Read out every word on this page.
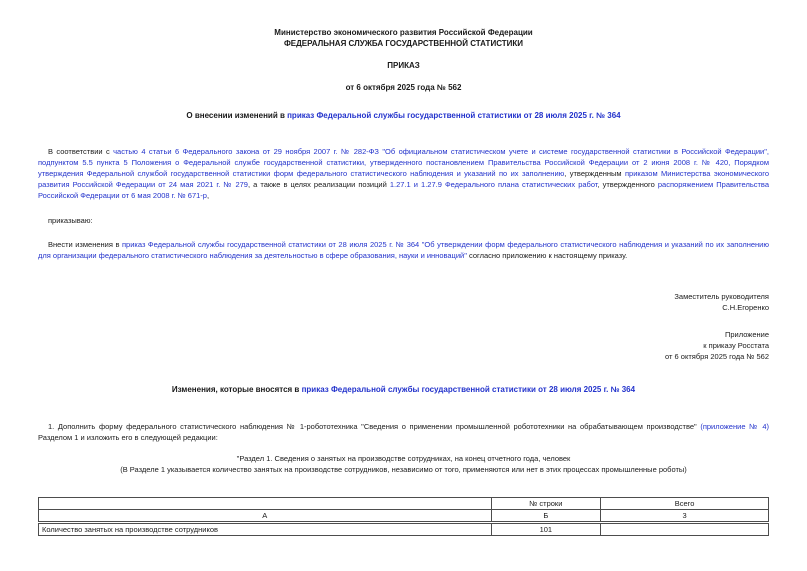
Министерство экономического развития Российской Федерации
ФЕДЕРАЛЬНАЯ СЛУЖБА ГОСУДАРСТВЕННОЙ СТАТИСТИКИ
ПРИКАЗ
от 6 октября 2025 года № 562
О внесении изменений в приказ Федеральной службы государственной статистики от 28 июля 2025 г. № 364
В соответствии с частью 4 статьи 6 Федерального закона от 29 ноября 2007 г. № 282-ФЗ "Об официальном статистическом учете и системе государственной статистики в Российской Федерации", подпунктом 5.5 пункта 5 Положения о Федеральной службе государственной статистики, утвержденного постановлением Правительства Российской Федерации от 2 июня 2008 г. № 420, Порядком утверждения Федеральной службой государственной статистики форм федерального статистического наблюдения и указаний по их заполнению, утвержденным приказом Министерства экономического развития Российской Федерации от 24 мая 2021 г. № 279, а также в целях реализации позиций 1.27.1 и 1.27.9 Федерального плана статистических работ, утвержденного распоряжением Правительства Российской Федерации от 6 мая 2008 г. № 671-р,
приказываю:
Внести изменения в приказ Федеральной службы государственной статистики от 28 июля 2025 г. № 364 "Об утверждении форм федерального статистического наблюдения и указаний по их заполнению для организации федерального статистического наблюдения за деятельностью в сфере образования, науки и инноваций" согласно приложению к настоящему приказу.
Заместитель руководителя
С.Н.Егоренко
Приложение
к приказу Росстата
от 6 октября 2025 года № 562
Изменения, которые вносятся в приказ Федеральной службы государственной статистики от 28 июля 2025 г. № 364
1. Дополнить форму федерального статистического наблюдения № 1-робототехника "Сведения о применении промышленной робототехники на обрабатывающем производстве" (приложение № 4) Разделом 1 и изложить его в следующей редакции:
"Раздел 1. Сведения о занятых на производстве сотрудниках, на конец отчетного года, человек
(В Разделе 1 указывается количество занятых на производстве сотрудников, независимо от того, применяются или нет в этих процессах промышленные роботы)
	№ строки	Всего
А	Б	3
Количество занятых на производстве сотрудников	101	
